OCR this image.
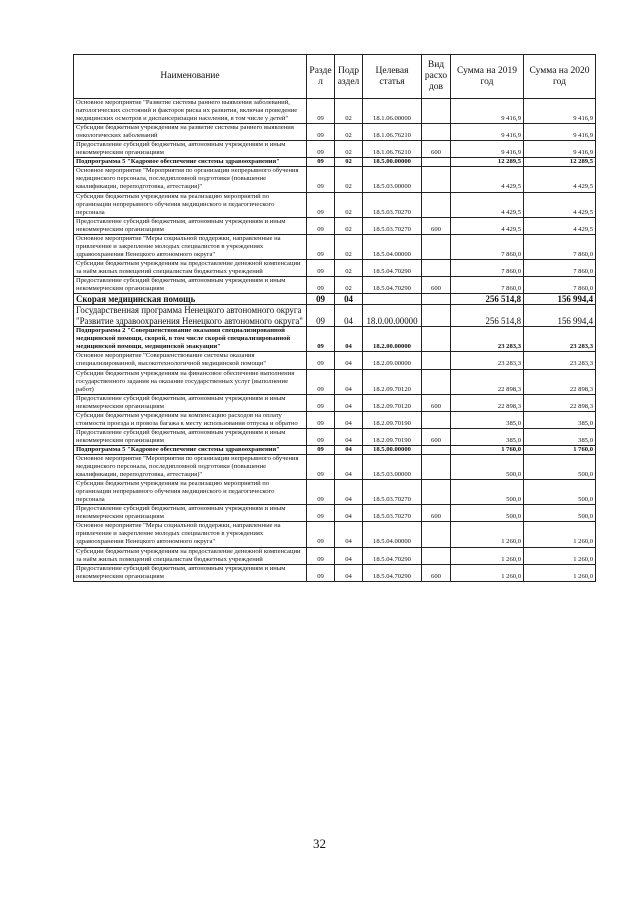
Наименование	Разде л	Подр аздел	Целевая статья	Вид расхо дов	Сумма на 2019 год	Сумма на 2020 год
Основное мероприятие "Развитие системы раннего выявления заболеваний, патологических состояний и факторов риска их развития, включая проведение медицинских осмотров и диспансеризации населения, в том числе у детей"	09	02	18.1.06.00000		9 416,9	9 416,9
Субсидии бюджетным учреждениям на развитие системы раннего выявления онкологических заболеваний	09	02	18.1.06.76210		9 416,9	9 416,9
Предоставление субсидий бюджетным, автономным учреждениям и иным некоммерческим организациям	09	02	18.1.06.76210	600	9 416,9	9 416,9
Подпрограмма 5 "Кадровое обеспечение системы здравоохранения"	09	02	18.5.00.00000		12 289,5	12 289,5
Основное мероприятие "Мероприятия по организации непрерывного обучения медицинского персонала, последипломной подготовки (повышение квалификации, переподготовка, аттестация)"	09	02	18.5.03.00000		4 429,5	4 429,5
Субсидии бюджетным учреждениям на реализацию мероприятий по организации непрерывного обучения медицинского и педагогического персонала	09	02	18.5.03.70270		4 429,5	4 429,5
Предоставление субсидий бюджетным, автономным учреждениям и иным некоммерческим организациям	09	02	18.5.03.70270	600	4 429,5	4 429,5
Основное мероприятие "Меры социальной поддержки, направленные на привлечение и закрепление молодых специалистов в учреждениях здравоохранения Ненецкого автономного округа"	09	02	18.5.04.00000		7 860,0	7 860,0
Субсидии бюджетным учреждениям на предоставление денежной компенсации за наём жилых помещений специалистам бюджетных учреждений	09	02	18.5.04.70290		7 860,0	7 860,0
Предоставление субсидий бюджетным, автономным учреждениям и иным некоммерческим организациям	09	02	18.5.04.70290	600	7 860,0	7 860,0
Скорая медицинская помощь	09	04			256 514,8	156 994,4
Государственная программа Ненецкого автономного округа "Развитие здравоохранения Ненецкого автономного округа"	09	04	18.0.00.00000		256 514,8	156 994,4
Подпрограмма 2 "Совершенствование оказания специализированной медицинской помощи, скорой, в том числе скорой специализированной медицинской помощи, медицинской эвакуации"	09	04	18.2.00.00000		23 283,3	23 283,3
Основное мероприятие "Совершенствование системы оказания специализированной, высокотехнологичной медицинской помощи"	09	04	18.2.09.00000		23 283,3	23 283,3
Субсидии бюджетным учреждениям на финансовое обеспечение выполнения государственного задания на оказание государственных услуг (выполнение работ)	09	04	18.2.09.70120		22 898,3	22 898,3
Предоставление субсидий бюджетным, автономным учреждениям и иным некоммерческим организациям	09	04	18.2.09.70120	600	22 898,3	22 898,3
Субсидии бюджетным учреждениям на компенсацию расходов на оплату стоимости проезда и провоза багажа к месту использования отпуска и обратно	09	04	18.2.09.70190		385,0	385,0
Предоставление субсидий бюджетным, автономным учреждениям и иным некоммерческим организациям	09	04	18.2.09.70190	600	385,0	385,0
Подпрограмма 5 "Кадровое обеспечение системы здравоохранения"	09	04	18.5.00.00000		1 760,0	1 760,0
Основное мероприятие "Мероприятия по организации непрерывного обучения медицинского персонала, последипломной подготовки (повышение квалификации, переподготовка, аттестация)"	09	04	18.5.03.00000		500,0	500,0
Субсидии бюджетным учреждениям на реализацию мероприятий по организации непрерывного обучения медицинского и педагогического персонала	09	04	18.5.03.70270		500,0	500,0
Предоставление субсидий бюджетным, автономным учреждениям и иным некоммерческим организациям	09	04	18.5.03.70270	600	500,0	500,0
Основное мероприятие "Меры социальной поддержки, направленные на привлечение и закрепление молодых специалистов в учреждениях здравоохранения Ненецкого автономного округа"	09	04	18.5.04.00000		1 260,0	1 260,0
Субсидии бюджетным учреждениям на предоставление денежной компенсации за наём жилых помещений специалистам бюджетных учреждений	09	04	18.5.04.70290		1 260,0	1 260,0
Предоставление субсидий бюджетным, автономным учреждениям и иным некоммерческим организациям	09	04	18.5.04.70290	600	1 260,0	1 260,0
32
